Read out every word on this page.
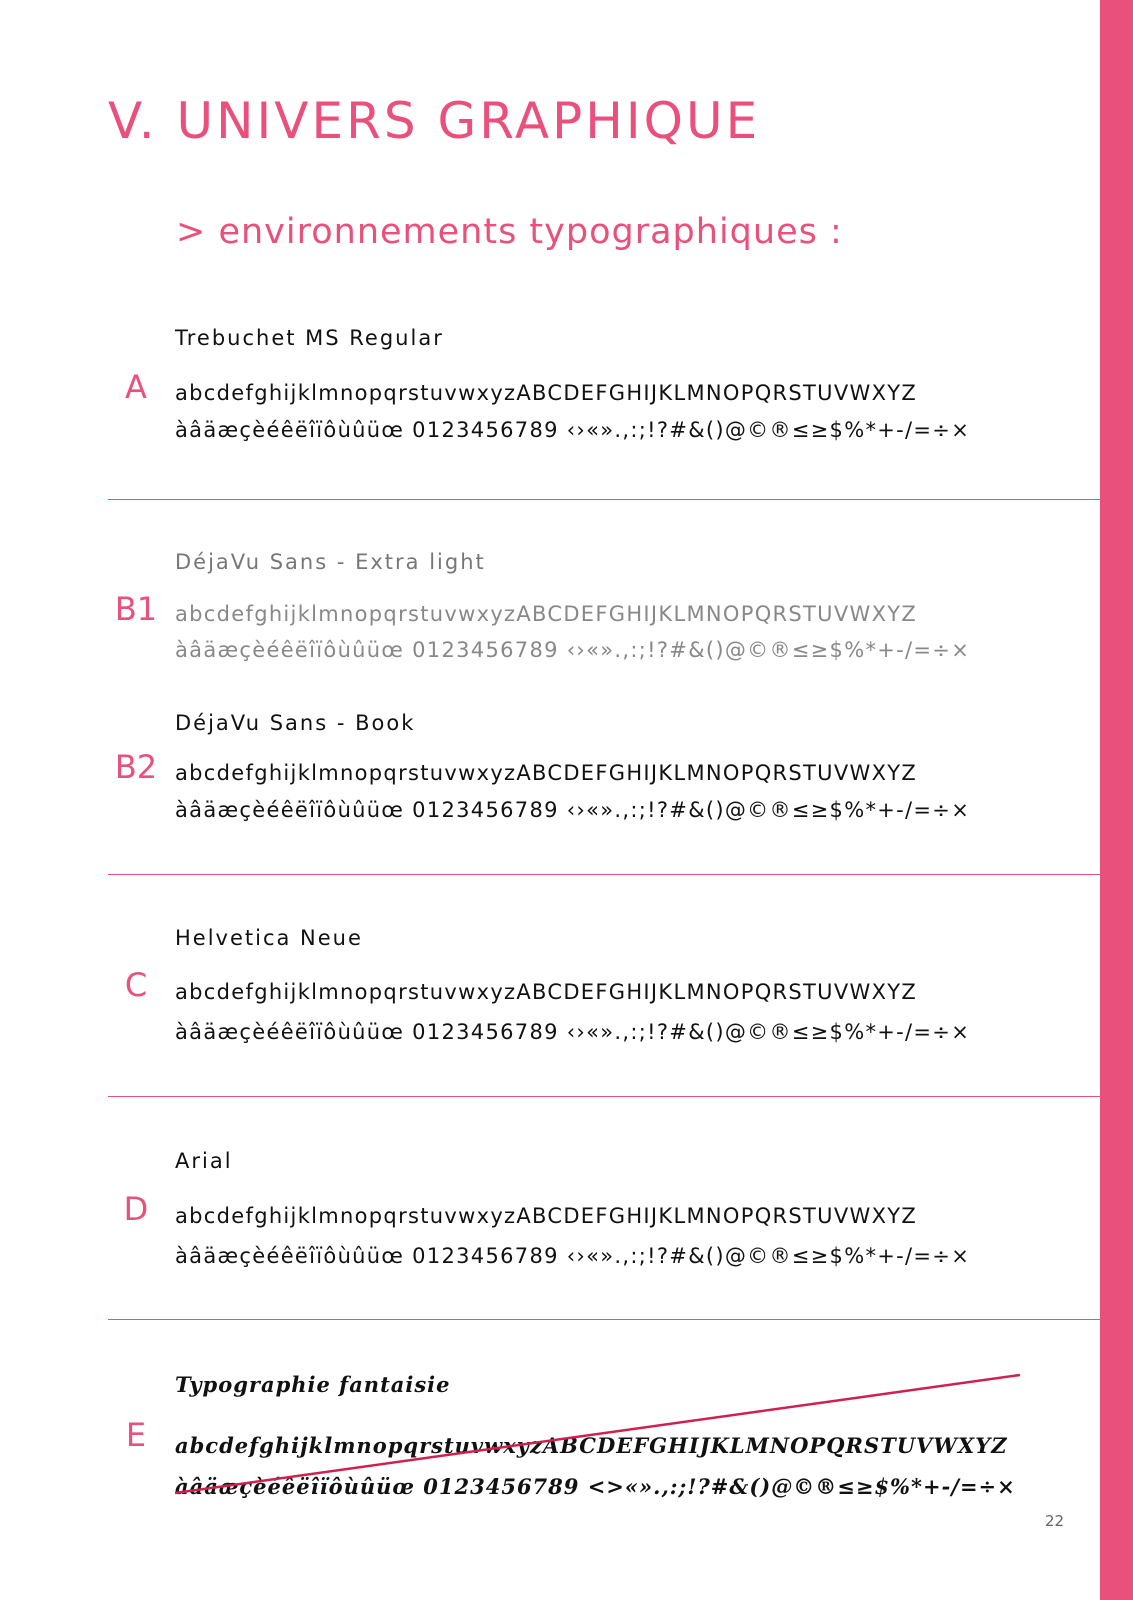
V. UNIVERS GRAPHIQUE
> environnements typographiques :
A
Trebuchet MS Regular
abcdefghijklmnopqrstuvwxyzABCDEFGHIJKLMNOPQRSTUVWXYZ
àâäæçèéêëîïôùûüœ 0123456789 ‹›«».,:;!?#&()@©®≤≥$%*+-/=÷×
B1
DéjaVu Sans - Extra light
abcdefghijklmnopqrstuvwxyzABCDEFGHIJKLMNOPQRSTUVWXYZ
àâäæçèéêëîïôùûüœ 0123456789 ‹›«».,:;!?#&()@©®≤≥$%*+-/=÷×
B2
DéjaVu Sans - Book
abcdefghijklmnopqrstuvwxyzABCDEFGHIJKLMNOPQRSTUVWXYZ
àâäæçèéêëîïôùûüœ 0123456789 ‹›«».,:;!?#&()@©®≤≥$%*+-/=÷×
C
Helvetica Neue
abcdefghijklmnopqrstuvwxyzABCDEFGHIJKLMNOPQRSTUVWXYZ
àâäæçèéêëîïôùûüœ 0123456789 ‹›«».,:;!?#&()@©®≤≥$%*+-/=÷×
D
Arial
abcdefghijklmnopqrstuvwxyzABCDEFGHIJKLMNOPQRSTUVWXYZ
àâäæçèéêëîïôùûüœ 0123456789 ‹›«».,:;!?#&()@©®≤≥$%*+-/=÷×
E
Typographie fantaisie
abcdefghijklmnopqrstuvwxyzABCDEFGHIJKLMNOPQRSTUVWXYZ
àâäæçèéêëîïôùûüœ 0123456789 <>«».,:;!?#&()@©®≤≥$%*+-/=÷×
22
